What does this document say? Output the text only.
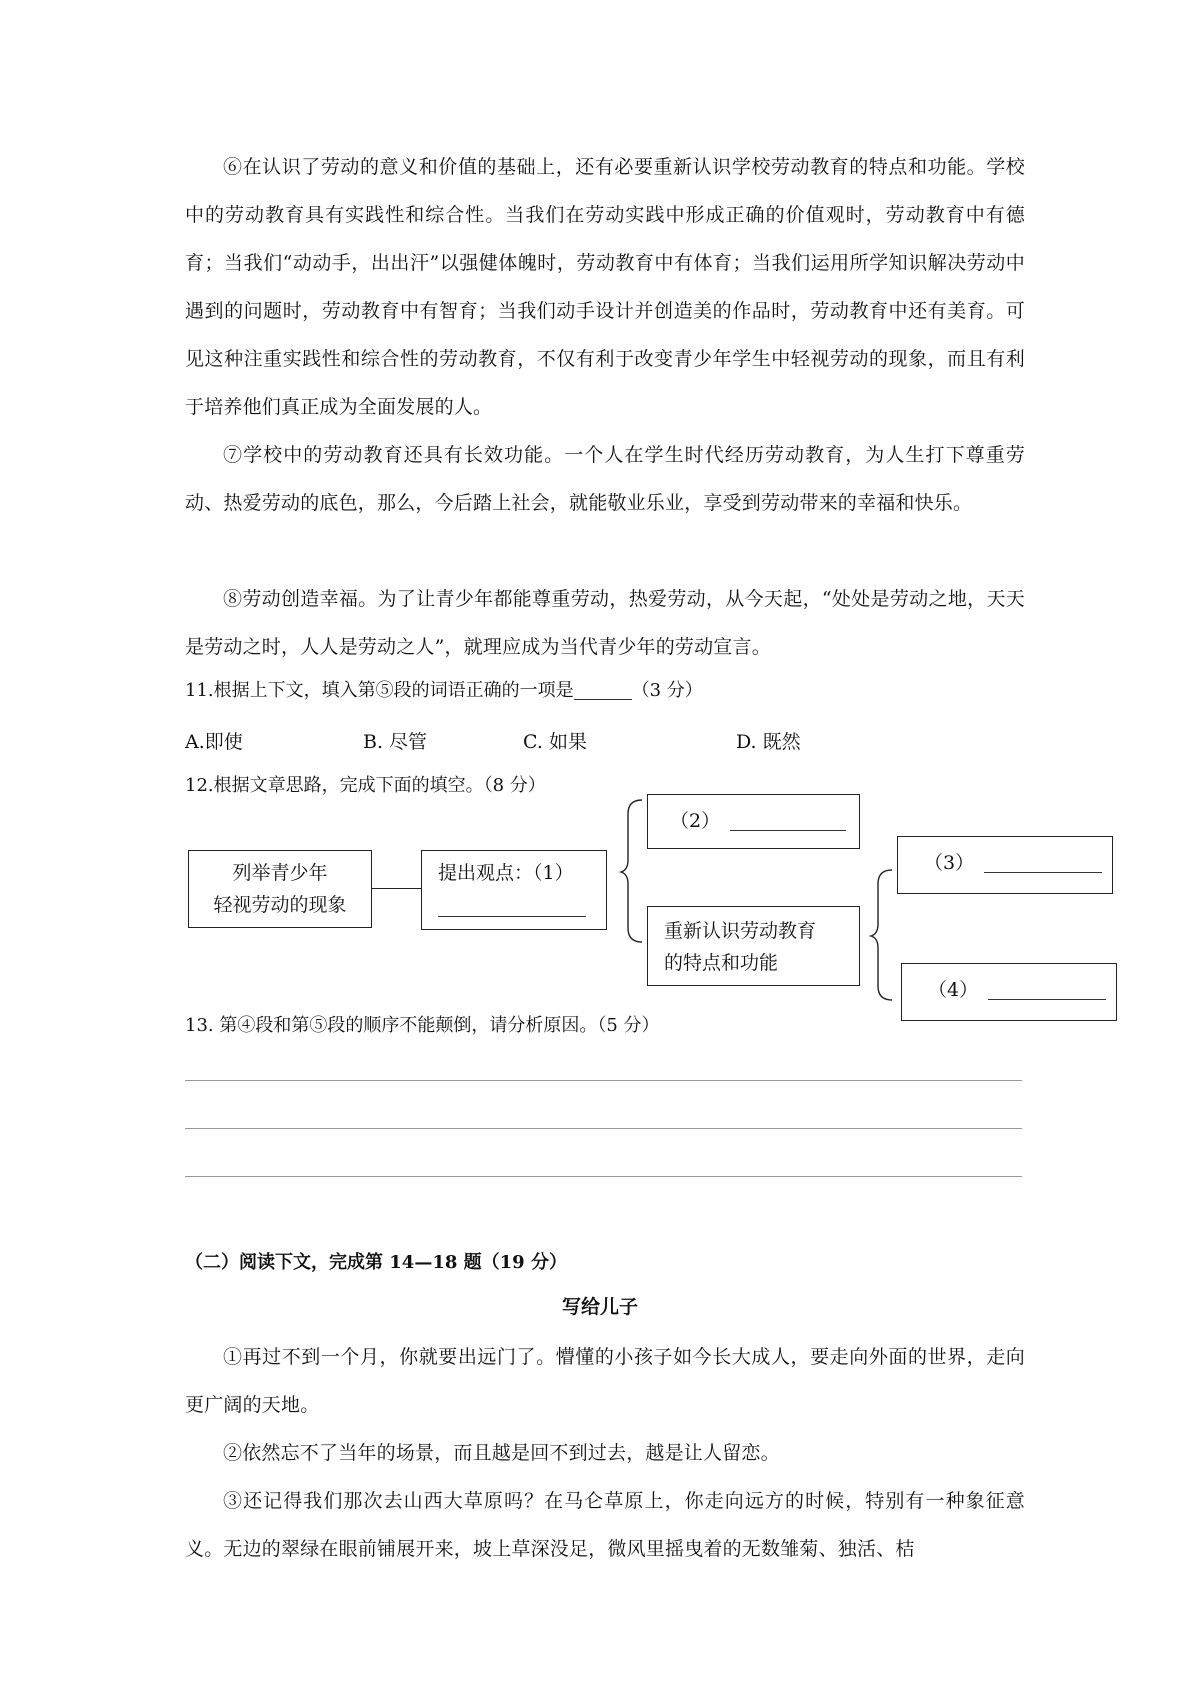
⑥在认识了劳动的意义和价值的基础上，还有必要重新认识学校劳动教育的特点和功能。学校中的劳动教育具有实践性和综合性。当我们在劳动实践中形成正确的价值观时，劳动教育中有德育；当我们“动动手，出出汗”以强健体魄时，劳动教育中有体育；当我们运用所学知识解决劳动中遇到的问题时，劳动教育中有智育；当我们动手设计并创造美的作品时，劳动教育中还有美育。可见这种注重实践性和综合性的劳动教育，不仅有利于改变青少年学生中轻视劳动的现象，而且有利于培养他们真正成为全面发展的人。

⑦学校中的劳动教育还具有长效功能。一个人在学生时代经历劳动教育，为人生打下尊重劳动、热爱劳动的底色，那么，今后踏上社会，就能敬业乐业，享受到劳动带来的幸福和快乐。

⑧劳动创造幸福。为了让青少年都能尊重劳动，热爱劳动，从今天起，“处处是劳动之地，天天是劳动之时，人人是劳动之人”，就理应成为当代青少年的劳动宣言。

11.根据上下文，填入第⑤段的词语正确的一项是	（3 分）

A.即使	B. 尽管	C. 如果	D. 既然

12.根据文章思路，完成下面的填空。（8 分）

列举青少年
轻视劳动的现象
提出观点：（1）
（2）
重新认识劳动教育
的特点和功能
（3）
（4）

13. 第④段和第⑤段的顺序不能颠倒，请分析原因。（5 分）

（二）阅读下文，完成第 14—18 题（19 分）

写给儿子

①再过不到一个月，你就要出远门了。懵懂的小孩子如今长大成人，要走向外面的世界，走向更广阔的天地。

②依然忘不了当年的场景，而且越是回不到过去，越是让人留恋。

③还记得我们那次去山西大草原吗？在马仑草原上，你走向远方的时候，特别有一种象征意义。无边的翠绿在眼前铺展开来，坡上草深没足，微风里摇曳着的无数雏菊、独活、桔
